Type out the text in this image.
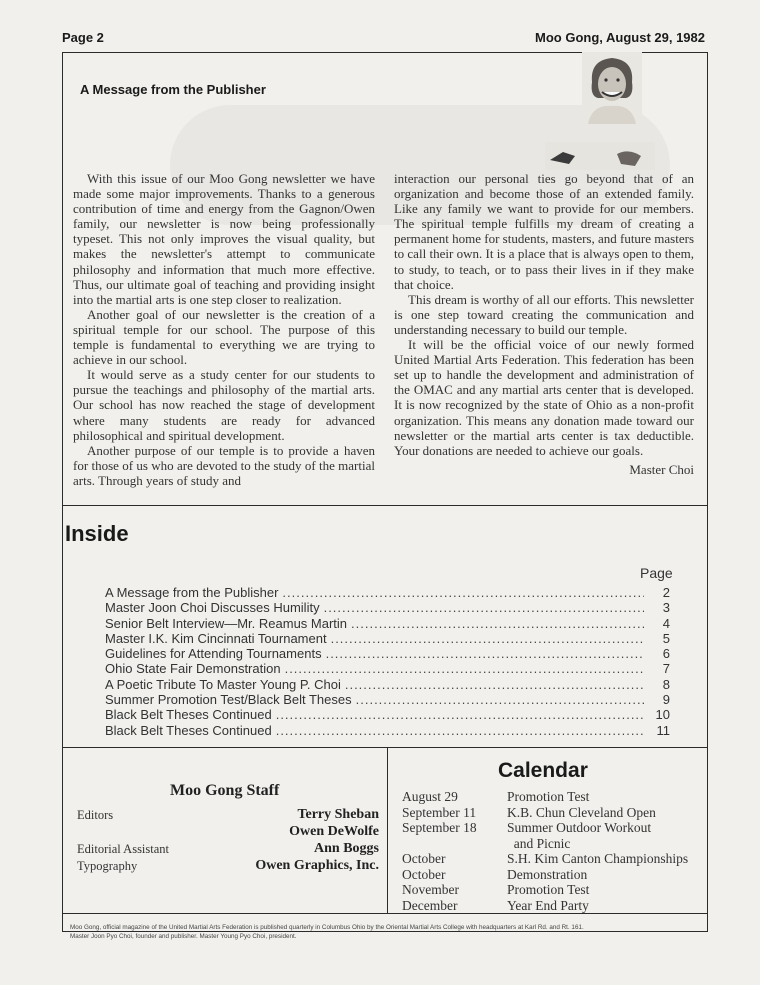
Page 2	Moo Gong, August 29, 1982
A Message from the Publisher

With this issue of our Moo Gong newsletter we have made some major improvements. Thanks to a generous contribution of time and energy from the Gagnon/Owen family, our newsletter is now being professionally typeset. This not only improves the visual quality, but makes the newsletter's attempt to communicate philosophy and information that much more effective. Thus, our ultimate goal of teaching and providing insight into the martial arts is one step closer to realization.

Another goal of our newsletter is the creation of a spiritual temple for our school. The purpose of this temple is fundamental to everything we are trying to achieve in our school.

It would serve as a study center for our students to pursue the teachings and philosophy of the martial arts. Our school has now reached the stage of development where many students are ready for advanced philosophical and spiritual development.

Another purpose of our temple is to provide a haven for those of us who are devoted to the study of the martial arts. Through years of study and

interaction our personal ties go beyond that of an organization and become those of an extended family. Like any family we want to provide for our members. The spiritual temple fulfills my dream of creating a permanent home for students, masters, and future masters to call their own. It is a place that is always open to them, to study, to teach, or to pass their lives in if they make that choice.

This dream is worthy of all our efforts. This newsletter is one step toward creating the communication and understanding necessary to build our temple.

It will be the official voice of our newly formed United Martial Arts Federation. This federation has been set up to handle the development and administration of the OMAC and any martial arts center that is developed. It is now recognized by the state of Ohio as a non-profit organization. This means any donation made toward our newsletter or the martial arts center is tax deductible. Your donations are needed to achieve our goals.

Master Choi
Inside
Page
A Message from the Publisher .....	2
Master Joon Choi Discusses Humility .....	3
Senior Belt Interview—Mr. Reamus Martin .....	4
Master I.K. Kim Cincinnati Tournament .....	5
Guidelines for Attending Tournaments .....	6
Ohio State Fair Demonstration .....	7
A Poetic Tribute To Master Young P. Choi .....	8
Summer Promotion Test/Black Belt Theses .....	9
Black Belt Theses Continued .....	10
Black Belt Theses Continued .....	11
Moo Gong Staff
Editors	Terry Sheban
Owen DeWolfe
Editorial Assistant	Ann Boggs
Typography	Owen Graphics, Inc.
Calendar
August 29	Promotion Test
September 11	K.B. Chun Cleveland Open
September 18	Summer Outdoor Workout
and Picnic
October	S.H. Kim Canton Championships
October	Demonstration
November	Promotion Test
December	Year End Party
Moo Gong, official magazine of the United Martial Arts Federation is published quarterly in Columbus Ohio by the Oriental Martial Arts College with headquarters at Karl Rd. and Rt. 161.
Master Joon Pyo Choi, founder and publisher. Master Young Pyo Choi, president.
